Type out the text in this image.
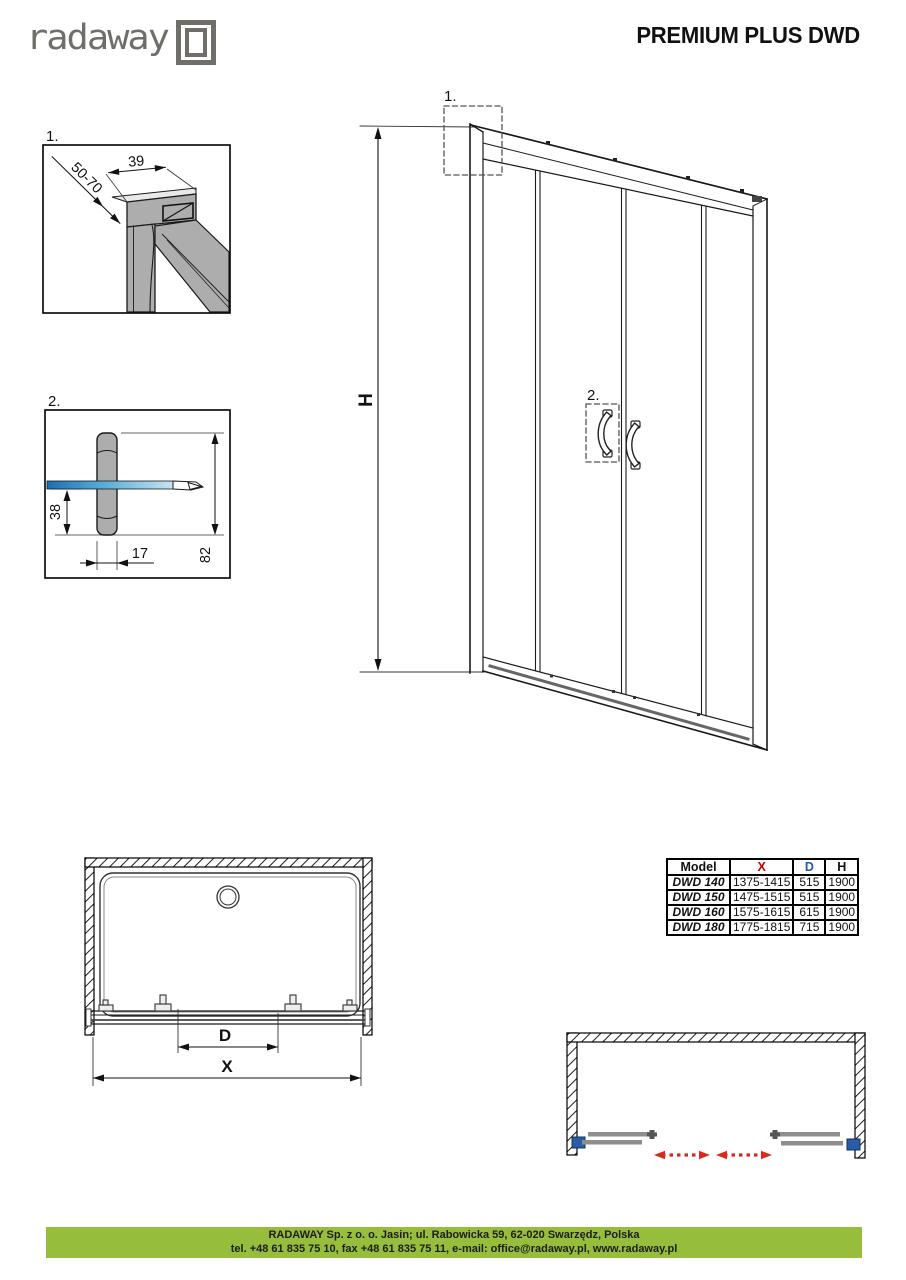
radaway	PREMIUM PLUS DWD
1.
39
50-70
2.
38
17	82
H
1.
2.
D
X
Model	X	D	H
DWD 140	1375-1415	515	1900
DWD 150	1475-1515	515	1900
DWD 160	1575-1615	615	1900
DWD 180	1775-1815	715	1900
RADAWAY Sp. z o. o. Jasin; ul. Rabowicka 59, 62-020 Swarzędz, Polska
tel. +48 61 835 75 10, fax +48 61 835 75 11, e-mail: office@radaway.pl, www.radaway.pl
